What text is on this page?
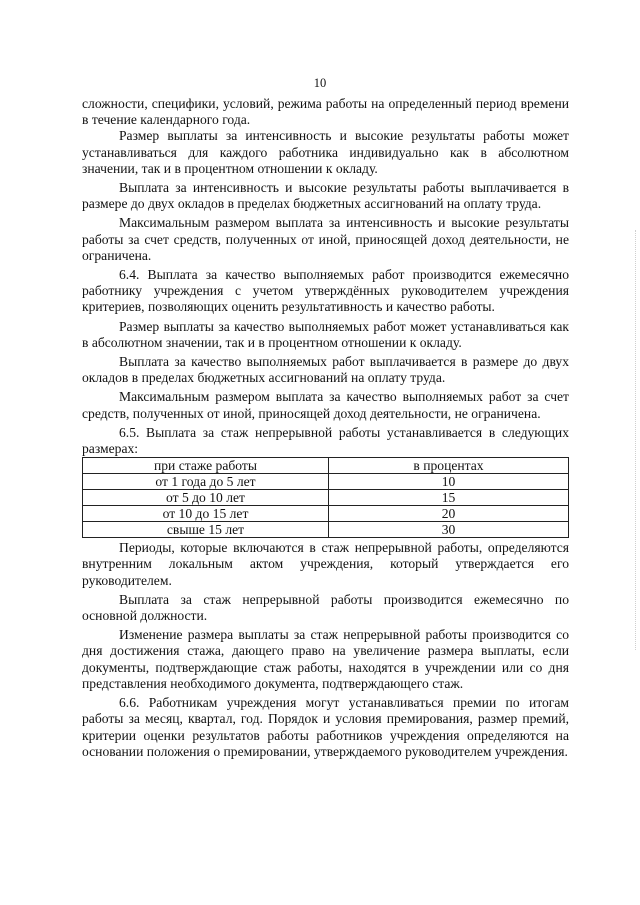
10

сложности, специфики, условий, режима работы на определенный период времени в течение календарного года.

Размер выплаты за интенсивность и высокие результаты работы может устанавливаться для каждого работника индивидуально как в абсолютном значении, так и в процентном отношении к окладу.

Выплата за интенсивность и высокие результаты работы выплачивается в размере до двух окладов в пределах бюджетных ассигнований на оплату труда.

Максимальным размером выплата за интенсивность и высокие результаты работы за счет средств, полученных от иной, приносящей доход деятельности, не ограничена.

6.4. Выплата за качество выполняемых работ производится ежемесячно работнику учреждения с учетом утверждённых руководителем учреждения критериев, позволяющих оценить результативность и качество работы.

Размер выплаты за качество выполняемых работ может устанавливаться как в абсолютном значении, так и в процентном отношении к окладу.

Выплата за качество выполняемых работ выплачивается в размере до двух окладов в пределах бюджетных ассигнований на оплату труда.

Максимальным размером выплата за качество выполняемых работ за счет средств, полученных от иной, приносящей доход деятельности, не ограничена.

6.5. Выплата за стаж непрерывной работы устанавливается в следующих размерах:

при стаже работы	в процентах
от 1 года до 5 лет	10
от 5 до 10 лет	15
от 10 до 15 лет	20
свыше 15 лет	30

Периоды, которые включаются в стаж непрерывной работы, определяются внутренним локальным актом учреждения, который утверждается его руководителем.

Выплата за стаж непрерывной работы производится ежемесячно по основной должности.

Изменение размера выплаты за стаж непрерывной работы производится со дня достижения стажа, дающего право на увеличение размера выплаты, если документы, подтверждающие стаж работы, находятся в учреждении или со дня представления необходимого документа, подтверждающего стаж.

6.6. Работникам учреждения могут устанавливаться премии по итогам работы за месяц, квартал, год. Порядок и условия премирования, размер премий, критерии оценки результатов работы работников учреждения определяются на основании положения о премировании, утверждаемого руководителем учреждения.
